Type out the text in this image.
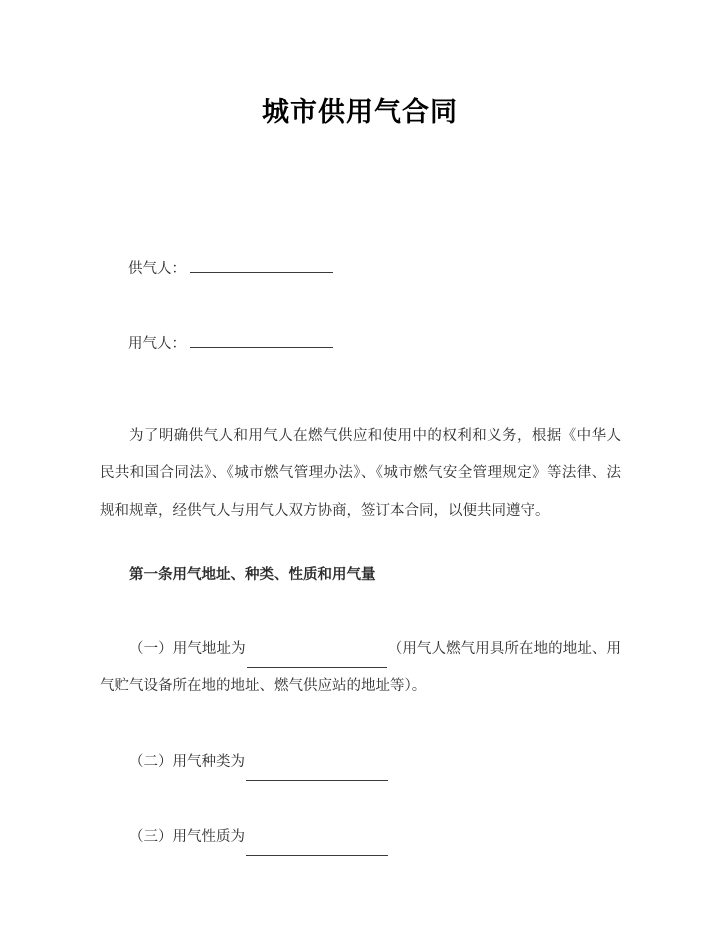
城市供用气合同
供气人：
用气人：

为了明确供气人和用气人在燃气供应和使用中的权利和义务，根据《中华人民共和国合同法》、《城市燃气管理办法》、《城市燃气安全管理规定》等法律、法规和规章，经供气人与用气人双方协商，签订本合同，以便共同遵守。

第一条用气地址、种类、性质和用气量

（一）用气地址为	（用气人燃气用具所在地的地址、用气贮气设备所在地的地址、燃气供应站的地址等）。

（二）用气种类为

（三）用气性质为
